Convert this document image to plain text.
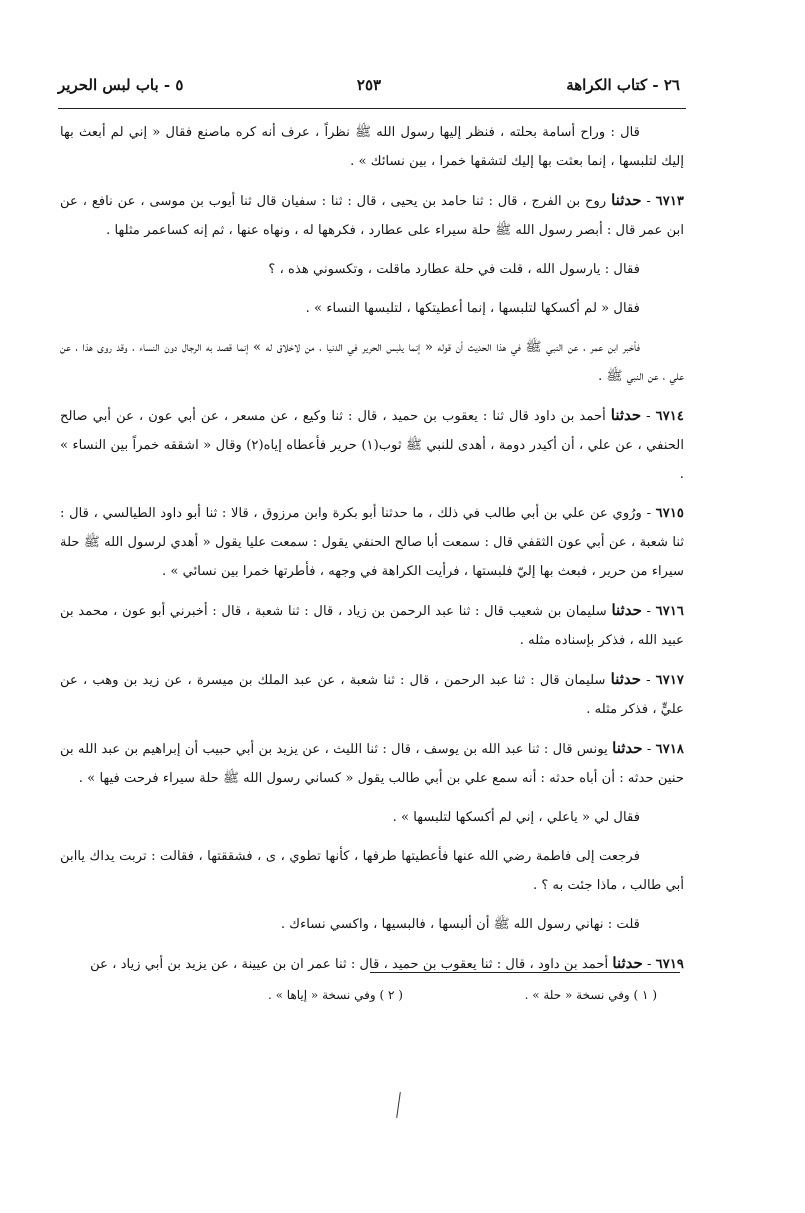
٢٦ - كتاب الكراهة
٢٥٣
٥ - باب لبس الحرير

قال : وراح أسامة بحلته ، فنظر إليها رسول الله ﷺ نظراً ، عرف أنه كره ماصنع فقال « إني لم أبعث بها إليك لتلبسها ، إنما بعثت بها إليك لتشقها خمرا ، بين نسائك » .

٦٧١٣ - حدثنا روح بن الفرج ، قال : ثنا حامد بن يحيى ، قال : ثنا : سفيان قال ثنا أيوب بن موسى ، عن نافع ، عن ابن عمر قال : أبصر رسول الله ﷺ حلة سيراء على عطارد ، فكرهها له ، ونهاه عنها ، ثم إنه كساعمر مثلها .

فقال : يارسول الله ، قلت في حلة عطارد ماقلت ، وتكسوني هذه ، ؟

فقال « لم أكسكها لتلبسها ، إنما أعطيتكها ، لتلبسها النساء » .

فأخبر ابن عمر ، عن النبي ﷺ في هذا الحديث أن قوله « إنما يلبس الحرير في الدنيا ، من لاخلاق له » إنما قصد به الرجال دون النساء ، وقد روى هذا ، عن علي ، عن النبي ﷺ .

٦٧١٤ - حدثنا أحمد بن داود قال ثنا : يعقوب بن حميد ، قال : ثنا وكيع ، عن مسعر ، عن أبي عون ، عن أبي صالح الحنفي ، عن علي ، أن أكيدر دومة ، أهدى للنبي ﷺ ثوب(١) حرير فأعطاه إياه(٢) وقال « اشققه خمراً بين النساء » .

٦٧١٥ - ورُوي عن علي بن أبي طالب في ذلك ، ما حدثنا أبو بكرة وابن مرزوق ، قالا : ثنا أبو داود الطيالسي ، قال : ثنا شعبة ، عن أبي عون الثقفي قال : سمعت أبا صالح الحنفي يقول : سمعت عليا يقول « أهدي لرسول الله ﷺ حلة سيراء من حرير ، فبعث بها إليّ فلبستها ، فرأيت الكراهة في وجهه ، فأطرتها خمرا بين نسائي » .

٦٧١٦ - حدثنا سليمان بن شعيب قال : ثنا عبد الرحمن بن زياد ، قال : ثنا شعبة ، قال : أخبرني أبو عون ، محمد بن عبيد الله ، فذكر بإسناده مثله .

٦٧١٧ - حدثنا سليمان قال : ثنا عبد الرحمن ، قال : ثنا شعبة ، عن عبد الملك بن ميسرة ، عن زيد بن وهب ، عن عليٍّ ، فذكر مثله .

٦٧١٨ - حدثنا يونس قال : ثنا عبد الله بن يوسف ، قال : ثنا الليث ، عن يزيد بن أبي حبيب أن إبراهيم بن عبد الله بن حنين حدثه : أن أباه حدثه : أنه سمع علي بن أبي طالب يقول « كساني رسول الله ﷺ حلة سيراء فرحت فيها » .

فقال لي « ياعلي ، إني لم أكسكها لتلبسها » .

فرجعت إلى فاطمة رضي الله عنها فأعطيتها طرفها ، كأنها تطوي ، ى ، فشققتها ، فقالت : تربت يداك ياابن أبي طالب ، ماذا جئت به ؟ .

قلت : نهاني رسول الله ﷺ أن ألبسها ، فالبسيها ، واكسي نساءك .

٦٧١٩ - حدثنا أحمد بن داود ، قال : ثنا يعقوب بن حميد ، قال : ثنا عمر ان بن عيينة ، عن يزيد بن أبي زياد ، عن

( ١ ) وفي نسخة « حلة » .
( ٢ ) وفي نسخة « إياها » .
